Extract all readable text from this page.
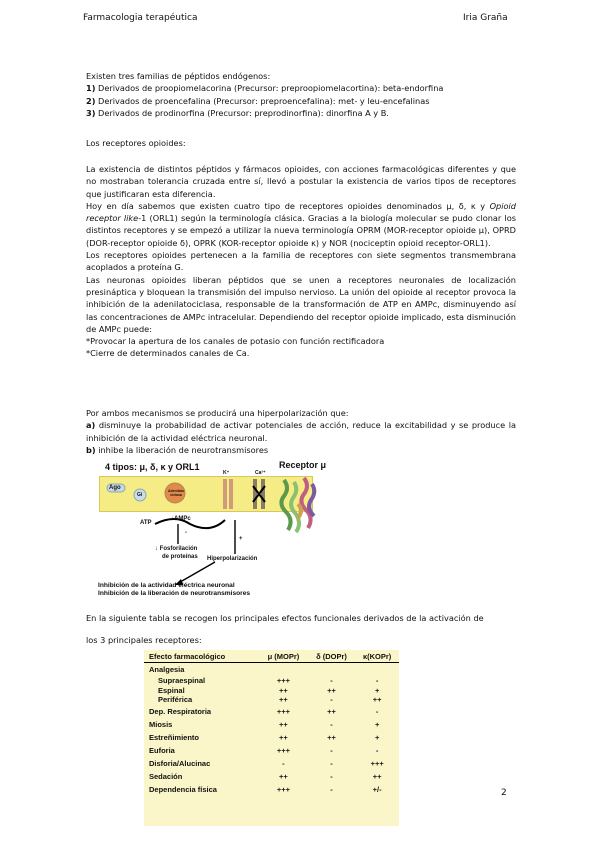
Farmacologia terapéutica	Iria Graña

Existen tres familias de péptidos endógenos:

1) Derivados de proopiomelacorina (Precursor: preproopiomelacortina): beta-endorfina

2) Derivados de proencefalina (Precursor: preproencefalina): met- y leu-encefalinas

3) Derivados de prodinorfina (Precursor: preprodinorfina): dinorfina A y B.

Los receptores opioides:

La existencia de distintos péptidos y fármacos opioides, con acciones farmacológicas diferentes y que no mostraban tolerancia cruzada entre sí, llevó a postular la existencia de varios tipos de receptores que justificaran esta diferencia.

Hoy en día sabemos que existen cuatro tipo de receptores opioides denominados μ, δ, κ y Opioid receptor like-1 (ORL1) según la terminología clásica. Gracias a la biología molecular se pudo clonar los distintos receptores y se empezó a utilizar la nueva terminología OPRM (MOR-receptor opioide μ), OPRD (DOR-receptor opioide δ), OPRK (KOR-receptor opioide κ) y NOR (nociceptin opioid receptor-ORL1).

Los receptores opioides pertenecen a la familia de receptores con siete segmentos transmembrana acoplados a proteína G.

Las neuronas opioides liberan péptidos que se unen a receptores neuronales de localización presináptica y bloquean la transmisión del impulso nervioso. La unión del opioide al receptor provoca la inhibición de la adenilatociclasa, responsable de la transformación de ATP en AMPc, disminuyendo así las concentraciones de AMPc intracelular. Dependiendo del receptor opioide implicado, esta disminución de AMPc puede:

*Provocar la apertura de los canales de potasio con función rectificadora

*Cierre de determinados canales de Ca.

Por ambos mecanismos se producirá una hiperpolarización que:

a) disminuye la probabilidad de activar potenciales de acción, reduce la excitabilidad y se produce la inhibición de la actividad eléctrica neuronal.

b) inhibe la liberación de neurotransmisores

4 tipos: μ, δ, κ y ORL1
Ago
Gi
Adenilato ciclasa
K⁺	Ca²⁺
ATP
↓AMPc
-
+
↓ Fosforilación
de proteínas Hiperpolarización
Inhibición de la actividad eléctrica neuronal
Inhibición de la liberación de neurotransmisores
Receptor μ
En la siguiente tabla se recogen los principales efectos funcionales derivados de la activación de
los 3 principales receptores:
Efecto farmacológico	μ (MOPr)	δ (DOPr)	κ(KOPr)
Analgesia			
Supraespinal	+++	-	-
Espinal	++	++	+
Periférica	++	-	++
Dep. Respiratoria	+++	++	-
Miosis	++	-	+
Estreñimiento	++	++	+
Euforia	+++	-	-
Disforia/Alucinac	-	-	+++
Sedación	++	-	++
Dependencia física	+++	-	+/-	2
